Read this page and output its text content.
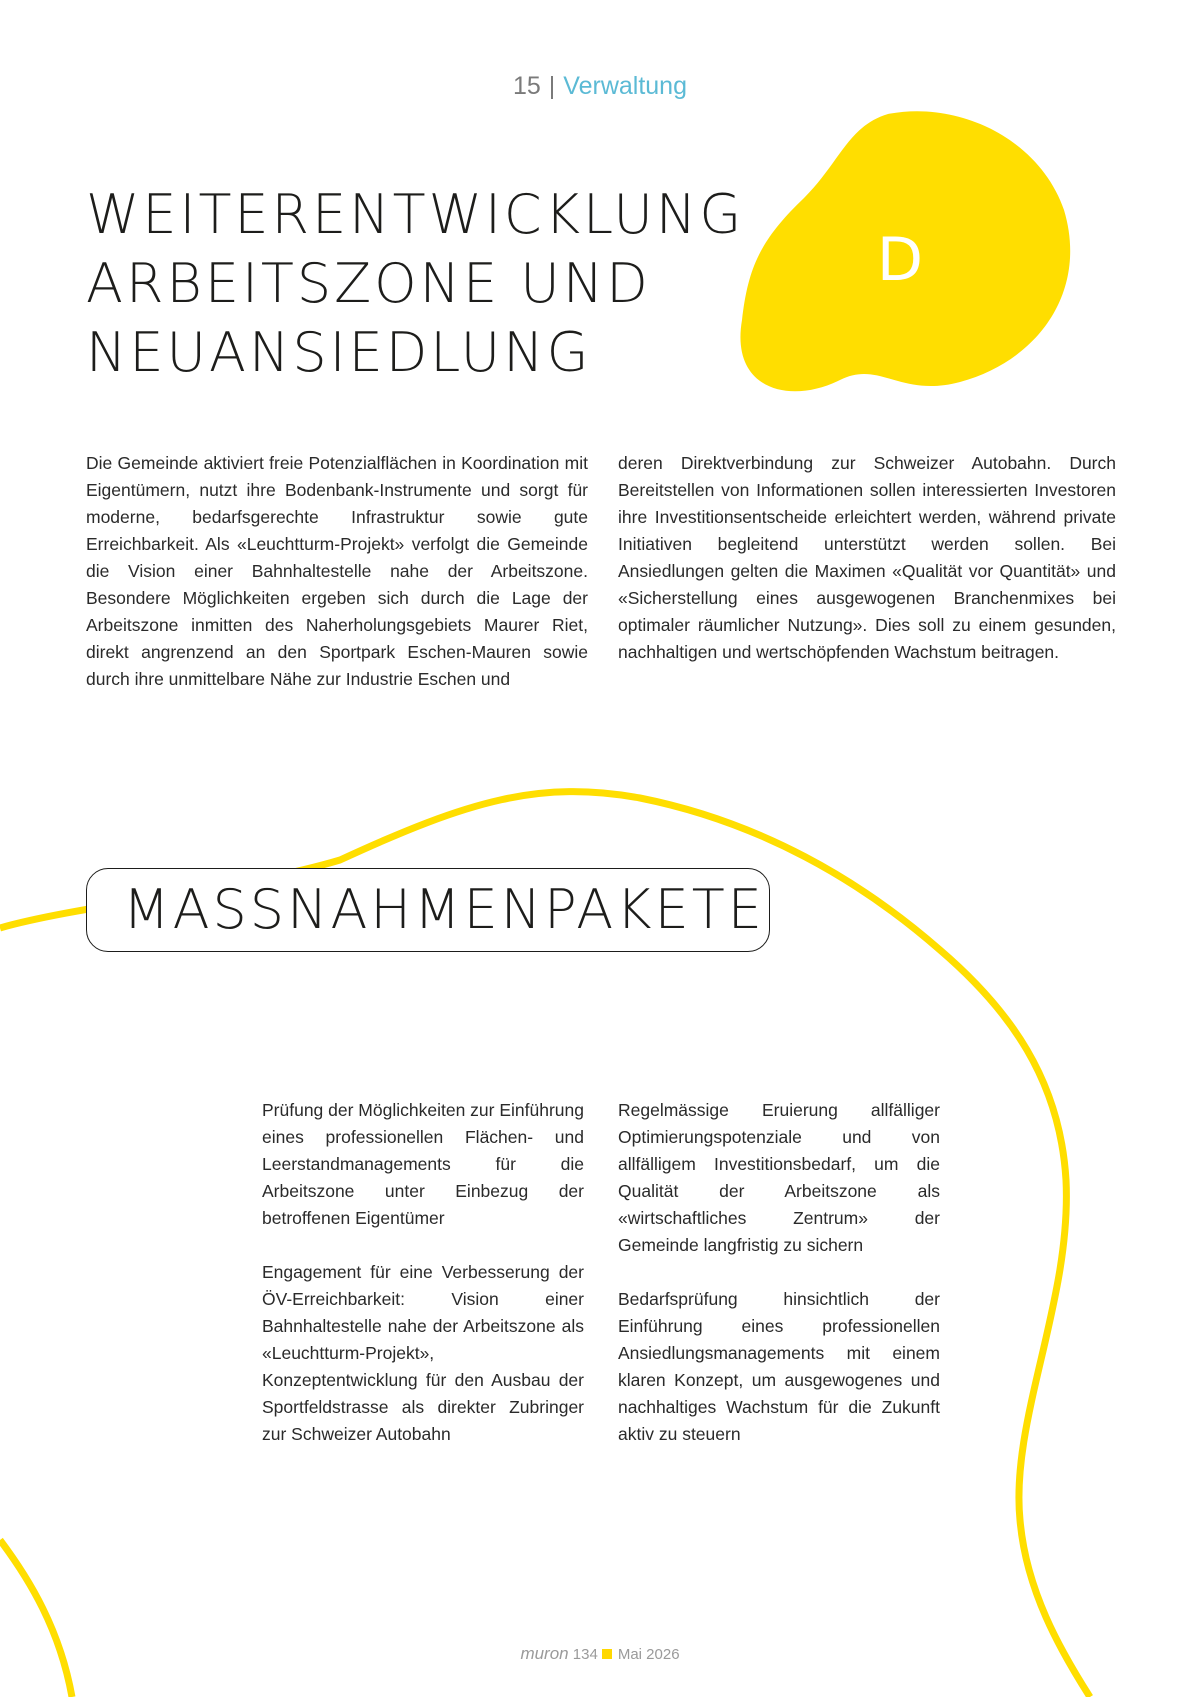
15 | Verwaltung
WEITERENTWICKLUNG
ARBEITSZONE UND
NEUANSIEDLUNG
D

Die Gemeinde aktiviert freie Potenzialflächen in Koordination mit Eigentümern, nutzt ihre Bodenbank-Instrumente und sorgt für moderne, bedarfsgerechte Infrastruktur sowie gute Erreichbarkeit. Als «Leuchtturm-Projekt» verfolgt die Gemeinde die Vision einer Bahnhaltestelle nahe der Arbeitszone. Besondere Möglichkeiten ergeben sich durch die Lage der Arbeitszone inmitten des Naherholungsgebiets Maurer Riet, direkt angrenzend an den Sportpark Eschen-Mauren sowie durch ihre unmittelbare Nähe zur Industrie Eschen und

deren Direktverbindung zur Schweizer Autobahn. Durch Bereitstellen von Informationen sollen interessierten Investoren ihre Investitionsentscheide erleichtert werden, während private Initiativen begleitend unterstützt werden sollen. Bei Ansiedlungen gelten die Maximen «Qualität vor Quantität» und «Sicherstellung eines ausgewogenen Branchenmixes bei optimaler räumlicher Nutzung». Dies soll zu einem gesunden, nachhaltigen und wertschöpfenden Wachstum beitragen.

MASSNAHMENPAKETE

Prüfung der Möglichkeiten zur Einführung eines professionellen Flächen- und Leerstandmanagements für die Arbeitszone unter Einbezug der betroffenen Eigentümer

Engagement für eine Verbesserung der ÖV-Erreichbarkeit: Vision einer Bahnhaltestelle nahe der Arbeitszone als «Leuchtturm-Projekt», Konzeptentwicklung für den Ausbau der Sportfeldstrasse als direkter Zubringer zur Schweizer Autobahn

Regelmässige Eruierung allfälliger Optimierungspotenziale und von allfälligem Investitionsbedarf, um die Qualität der Arbeitszone als «wirtschaftliches Zentrum» der Gemeinde langfristig zu sichern

Bedarfsprüfung hinsichtlich der Einführung eines professionellen Ansiedlungsmanagements mit einem klaren Konzept, um ausgewogenes und nachhaltiges Wachstum für die Zukunft aktiv zu steuern

muron 134 Mai 2026
